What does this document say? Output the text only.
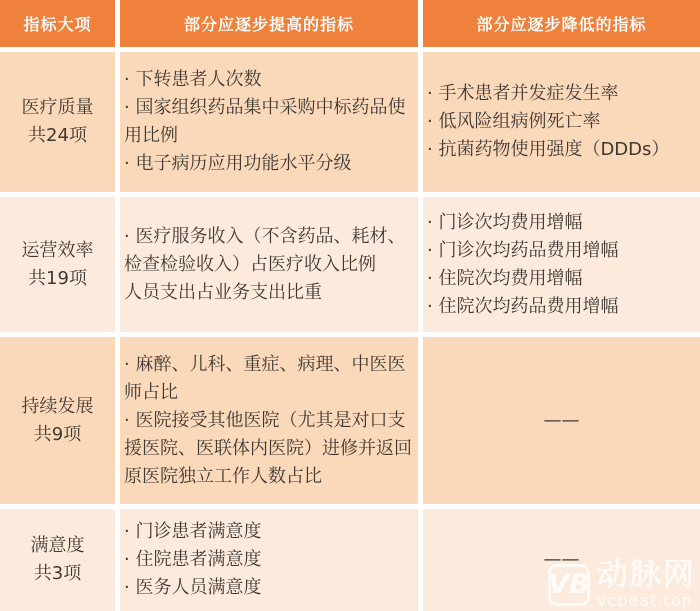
指标大项	部分应逐步提高的指标	部分应逐步降低的指标
医疗质量
共24项
· 下转患者人次数
· 国家组织药品集中采购中标药品使用比例
· 电子病历应用功能水平分级
· 手术患者并发症发生率
· 低风险组病例死亡率
· 抗菌药物使用强度（DDDs）
运营效率
共19项
· 医疗服务收入（不含药品、耗材、检查检验收入）占医疗收入比例
人员支出占业务支出比重
· 门诊次均费用增幅
· 门诊次均药品费用增幅
· 住院次均费用增幅
· 住院次均药品费用增幅
持续发展
共9项
· 麻醉、儿科、重症、病理、中医医师占比
· 医院接受其他医院（尤其是对口支援医院、医联体内医院）进修并返回原医院独立工作人数占比
——
满意度
共3项
· 门诊患者满意度
· 住院患者满意度
· 医务人员满意度
——
VB 动脉网
vcbeat.top
